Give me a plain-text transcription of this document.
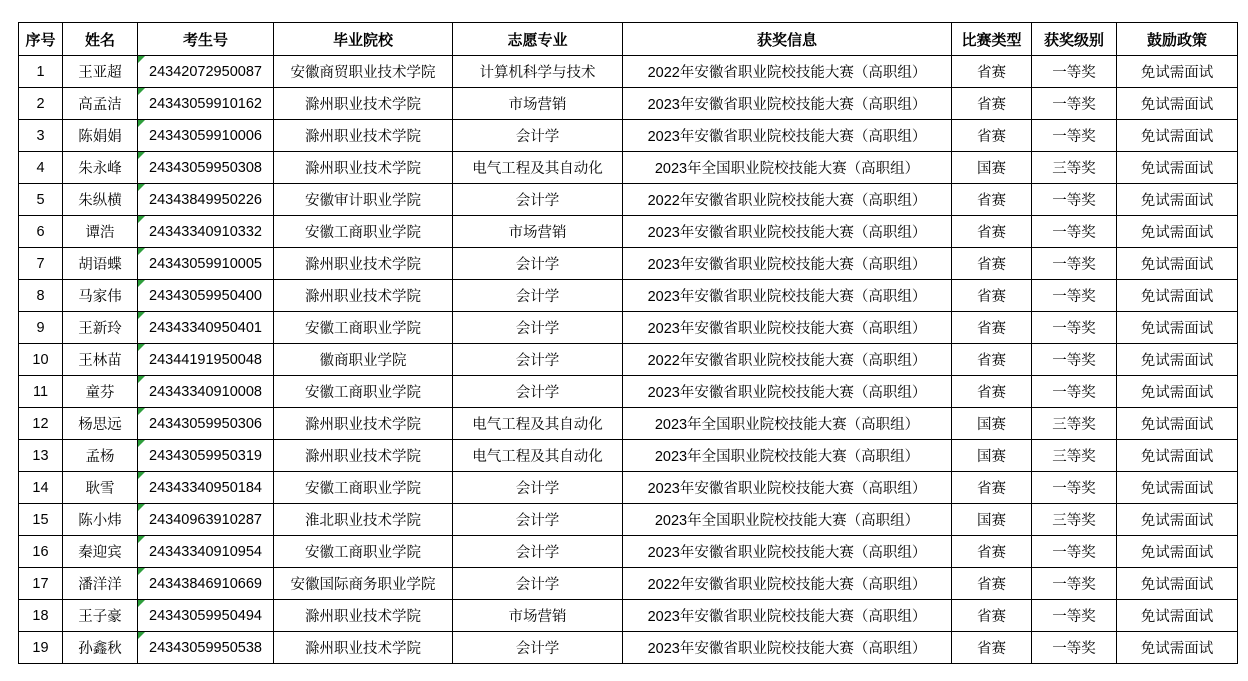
序号	姓名	考生号	毕业院校	志愿专业	获奖信息	比赛类型	获奖级别	鼓励政策
1	王亚超	24342072950087	安徽商贸职业技术学院	计算机科学与技术	2022年安徽省职业院校技能大赛（高职组）	省赛	一等奖	免试需面试
2	高孟洁	24343059910162	滁州职业技术学院	市场营销	2023年安徽省职业院校技能大赛（高职组）	省赛	一等奖	免试需面试
3	陈娟娟	24343059910006	滁州职业技术学院	会计学	2023年安徽省职业院校技能大赛（高职组）	省赛	一等奖	免试需面试
4	朱永峰	24343059950308	滁州职业技术学院	电气工程及其自动化	2023年全国职业院校技能大赛（高职组）	国赛	三等奖	免试需面试
5	朱纵横	24343849950226	安徽审计职业学院	会计学	2022年安徽省职业院校技能大赛（高职组）	省赛	一等奖	免试需面试
6	谭浩	24343340910332	安徽工商职业学院	市场营销	2023年安徽省职业院校技能大赛（高职组）	省赛	一等奖	免试需面试
7	胡语蝶	24343059910005	滁州职业技术学院	会计学	2023年安徽省职业院校技能大赛（高职组）	省赛	一等奖	免试需面试
8	马家伟	24343059950400	滁州职业技术学院	会计学	2023年安徽省职业院校技能大赛（高职组）	省赛	一等奖	免试需面试
9	王新玲	24343340950401	安徽工商职业学院	会计学	2023年安徽省职业院校技能大赛（高职组）	省赛	一等奖	免试需面试
10	王林苗	24344191950048	徽商职业学院	会计学	2022年安徽省职业院校技能大赛（高职组）	省赛	一等奖	免试需面试
11	童芬	24343340910008	安徽工商职业学院	会计学	2023年安徽省职业院校技能大赛（高职组）	省赛	一等奖	免试需面试
12	杨思远	24343059950306	滁州职业技术学院	电气工程及其自动化	2023年全国职业院校技能大赛（高职组）	国赛	三等奖	免试需面试
13	孟杨	24343059950319	滁州职业技术学院	电气工程及其自动化	2023年全国职业院校技能大赛（高职组）	国赛	三等奖	免试需面试
14	耿雪	24343340950184	安徽工商职业学院	会计学	2023年安徽省职业院校技能大赛（高职组）	省赛	一等奖	免试需面试
15	陈小炜	24340963910287	淮北职业技术学院	会计学	2023年全国职业院校技能大赛（高职组）	国赛	三等奖	免试需面试
16	秦迎宾	24343340910954	安徽工商职业学院	会计学	2023年安徽省职业院校技能大赛（高职组）	省赛	一等奖	免试需面试
17	潘洋洋	24343846910669	安徽国际商务职业学院	会计学	2022年安徽省职业院校技能大赛（高职组）	省赛	一等奖	免试需面试
18	王子豪	24343059950494	滁州职业技术学院	市场营销	2023年安徽省职业院校技能大赛（高职组）	省赛	一等奖	免试需面试
19	孙鑫秋	24343059950538	滁州职业技术学院	会计学	2023年安徽省职业院校技能大赛（高职组）	省赛	一等奖	免试需面试
